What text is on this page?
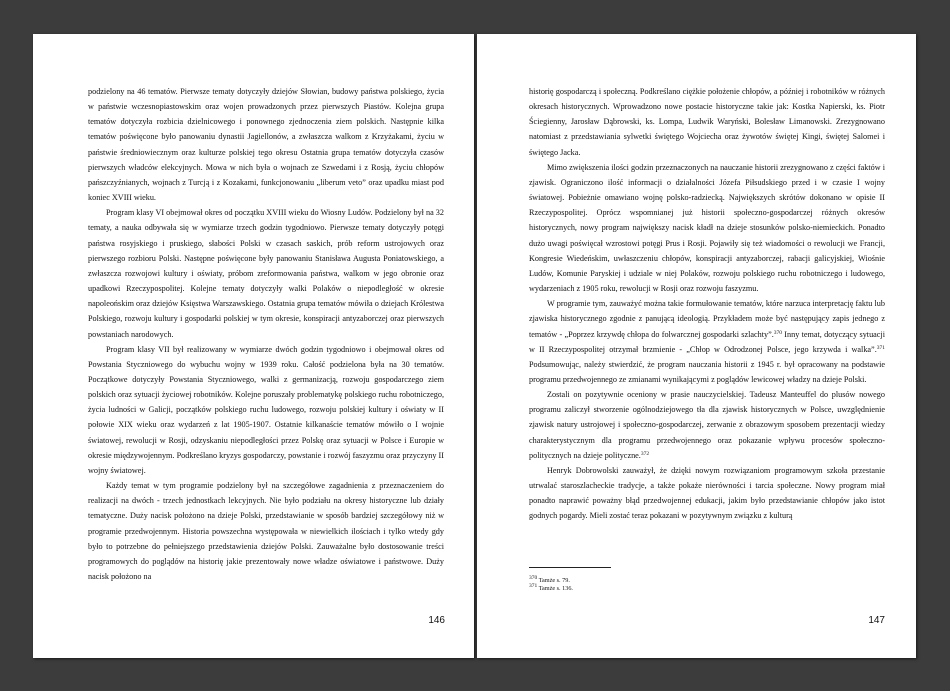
podzielony na 46 tematów. Pierwsze tematy dotyczyły dziejów Słowian, budowy państwa polskiego, życia w państwie wczesnopiastowskim oraz wojen prowadzonych przez pierwszych Piastów. Kolejna grupa tematów dotyczyła rozbicia dzielnicowego i ponownego zjednoczenia ziem polskich. Następnie kilka tematów poświęcone było panowaniu dynastii Jagiellonów, a zwłaszcza walkom z Krzyżakami, życiu w państwie średniowiecznym oraz kulturze polskiej tego okresu Ostatnia grupa tematów dotyczyła czasów pierwszych władców elekcyjnych. Mowa w nich była o wojnach ze Szwedami i z Rosją, życiu chłopów pańszczyźnianych, wojnach z Turcją i z Kozakami, funkcjonowaniu „liberum veto” oraz upadku miast pod koniec XVIII wieku.

Program klasy VI obejmował okres od początku XVIII wieku do Wiosny Ludów. Podzielony był na 32 tematy, a nauka odbywała się w wymiarze trzech godzin tygodniowo. Pierwsze tematy dotyczyły potęgi państwa rosyjskiego i pruskiego, słabości Polski w czasach saskich, prób reform ustrojowych oraz pierwszego rozbioru Polski. Następne poświęcone były panowaniu Stanisława Augusta Poniatowskiego, a zwłaszcza rozwojowi kultury i oświaty, próbom zreformowania państwa, walkom w jego obronie oraz upadkowi Rzeczypospolitej. Kolejne tematy dotyczyły walki Polaków o niepodległość w okresie napoleońskim oraz dziejów Księstwa Warszawskiego. Ostatnia grupa tematów mówiła o dziejach Królestwa Polskiego, rozwoju kultury i gospodarki polskiej w tym okresie, konspiracji antyzaborczej oraz pierwszych powstaniach narodowych.

Program klasy VII był realizowany w wymiarze dwóch godzin tygodniowo i obejmował okres od Powstania Styczniowego do wybuchu wojny w 1939 roku. Całość podzielona była na 30 tematów. Początkowe dotyczyły Powstania Styczniowego, walki z germanizacją, rozwoju gospodarczego ziem polskich oraz sytuacji życiowej robotników. Kolejne poruszały problematykę polskiego ruchu robotniczego, życia ludności w Galicji, początków polskiego ruchu ludowego, rozwoju polskiej kultury i oświaty w II połowie XIX wieku oraz wydarzeń z lat 1905-1907. Ostatnie kilkanaście tematów mówiło o I wojnie światowej, rewolucji w Rosji, odzyskaniu niepodległości przez Polskę oraz sytuacji w Polsce i Europie w okresie międzywojennym. Podkreślano kryzys gospodarczy, powstanie i rozwój faszyzmu oraz przyczyny II wojny światowej.

Każdy temat w tym programie podzielony był na szczegółowe zagadnienia z przeznaczeniem do realizacji na dwóch - trzech jednostkach lekcyjnych. Nie było podziału na okresy historyczne lub działy tematyczne. Duży nacisk położono na dzieje Polski, przedstawianie w sposób bardziej szczegółowy niż w programie przedwojennym. Historia powszechna występowała w niewielkich ilościach i tylko wtedy gdy było to potrzebne do pełniejszego przedstawienia dziejów Polski. Zauważalne było dostosowanie treści programowych do poglądów na historię jakie prezentowały nowe władze oświatowe i państwowe. Duży nacisk położono na

146

historię gospodarczą i społeczną. Podkreślano ciężkie położenie chłopów, a później i robotników w różnych okresach historycznych. Wprowadzono nowe postacie historyczne takie jak: Kostka Napierski, ks. Piotr Ściegienny, Jarosław Dąbrowski, ks. Lompa, Ludwik Waryński, Bolesław Limanowski. Zrezygnowano natomiast z przedstawiania sylwetki świętego Wojciecha oraz żywotów świętej Kingi, świętej Salomei i świętego Jacka.

Mimo zwiększenia ilości godzin przeznaczonych na nauczanie historii zrezygnowano z części faktów i zjawisk. Ograniczono ilość informacji o działalności Józefa Piłsudskiego przed i w czasie I wojny światowej. Pobieżnie omawiano wojnę polsko-radziecką. Największych skrótów dokonano w opisie II Rzeczypospolitej. Oprócz wspomnianej już historii społeczno-gospodarczej różnych okresów historycznych, nowy program największy nacisk kładł na dzieje stosunków polsko-niemieckich. Ponadto dużo uwagi poświęcał wzrostowi potęgi Prus i Rosji. Pojawiły się też wiadomości o rewolucji we Francji, Kongresie Wiedeńskim, uwłaszczeniu chłopów, konspiracji antyzaborczej, rabacji galicyjskiej, Wiośnie Ludów, Komunie Paryskiej i udziale w niej Polaków, rozwoju polskiego ruchu robotniczego i ludowego, wydarzeniach z 1905 roku, rewolucji w Rosji oraz rozwoju faszyzmu.

W programie tym, zauważyć można takie formułowanie tematów, które narzuca interpretację faktu lub zjawiska historycznego zgodnie z panującą ideologią. Przykładem może być następujący zapis jednego z tematów - „Poprzez krzywdę chłopa do folwarcznej gospodarki szlachty”.$^{370}$ Inny temat, dotyczący sytuacji w II Rzeczypospolitej otrzymał brzmienie - „Chłop w Odrodzonej Polsce, jego krzywda i walka”.$^{371}$ Podsumowując, należy stwierdzić, że program nauczania historii z 1945 r. był opracowany na podstawie programu przedwojennego ze zmianami wynikającymi z poglądów lewicowej władzy na dzieje Polski.

Zostali on pozytywnie oceniony w prasie nauczycielskiej. Tadeusz Manteuffel do plusów nowego programu zaliczył stworzenie ogólnodziejowego tła dla zjawisk historycznych w Polsce, uwzględnienie zjawisk natury ustrojowej i społeczno-gospodarczej, zerwanie z obrazowym sposobem prezentacji wiedzy charakterystycznym dla programu przedwojennego oraz pokazanie wpływu procesów społeczno-politycznych na dzieje polityczne.$^{372}$

Henryk Dobrowolski zauważył, że dzięki nowym rozwiązaniom programowym szkoła przestanie utrwalać staroszlacheckie tradycje, a także pokaże nierówności i tarcia społeczne. Nowy program miał ponadto naprawić poważny błąd przedwojennej edukacji, jakim było przedstawianie chłopów jako istot godnych pogardy. Mieli zostać teraz pokazani w pozytywnym związku z kulturą

$^{370}$ Tamże s. 79.
$^{371}$ Tamże s. 136.
147
